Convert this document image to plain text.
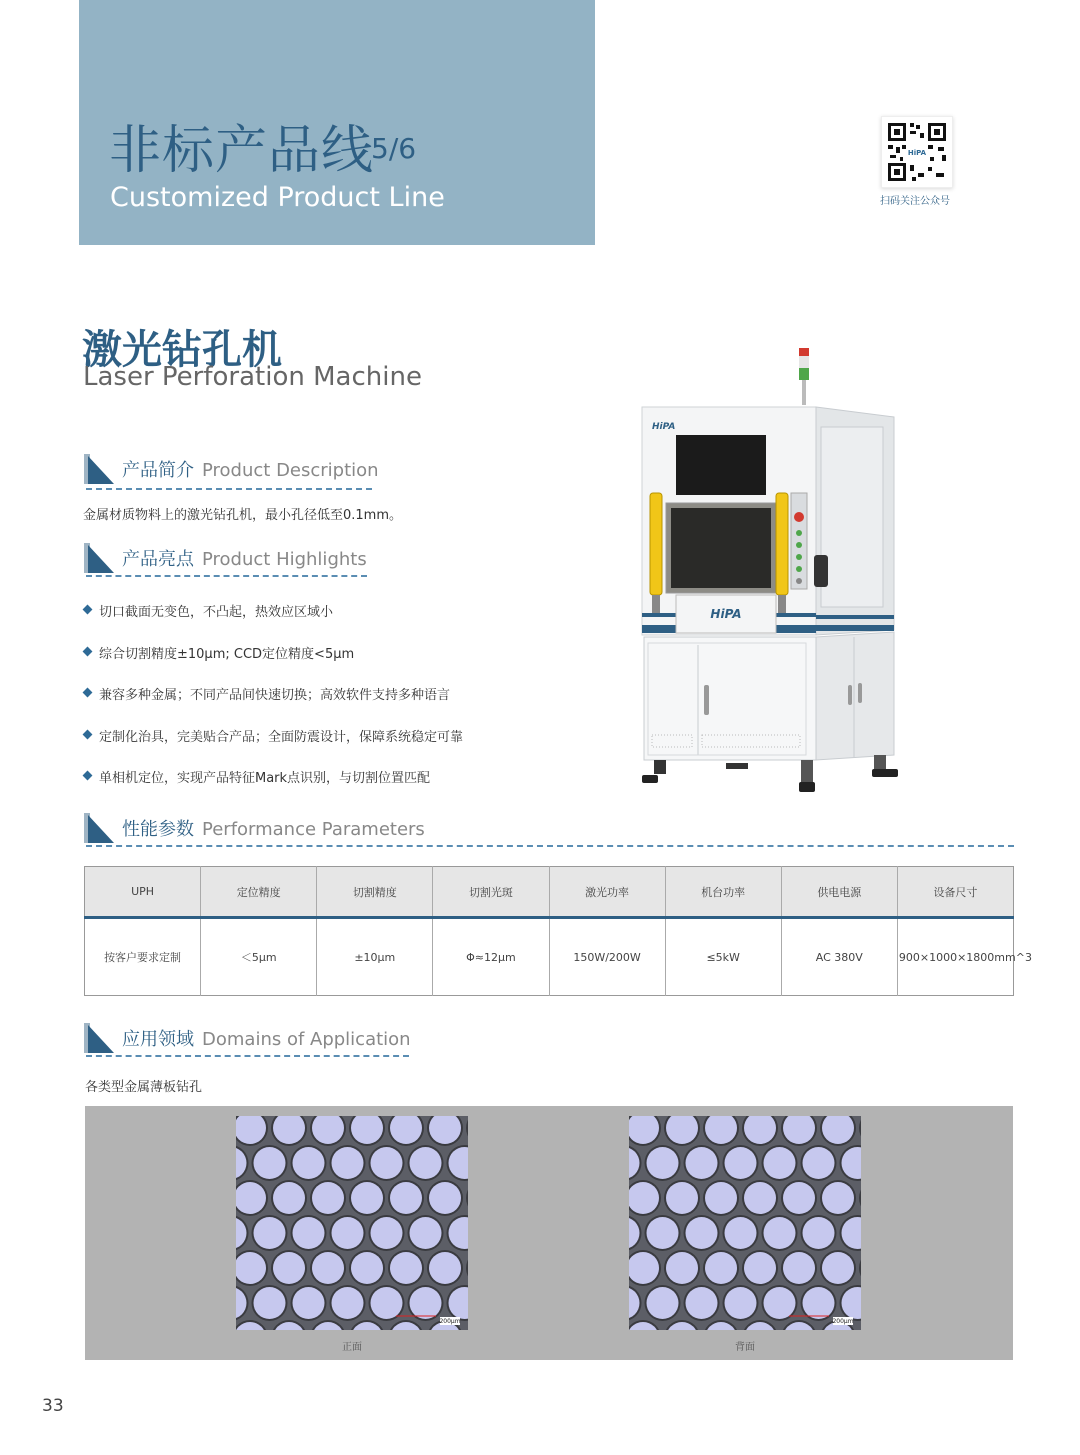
非标产品线
5/6
Customized Product Line
HiPA
扫码关注公众号
激光钻孔机
Laser Perforation Machine
产品简介 Product Description
金属材质物料上的激光钻孔机，最小孔径低至0.1mm。
产品亮点 Product Highlights
切口截面无变色，不凸起，热效应区域小
综合切割精度±10μm; CCD定位精度<5μm
兼容多种金属；不同产品间快速切换；高效软件支持多种语言
定制化治具，完美贴合产品；全面防震设计，保障系统稳定可靠
单相机定位，实现产品特征Mark点识别，与切割位置匹配
HiPA
HiPA
性能参数 Performance Parameters
UPH	定位精度	切割精度	切割光斑	激光功率	机台功率	供电电源	设备尺寸
按客户要求定制	＜5μm	±10μm	Φ≈12μm	150W/200W	≤5kW	AC 380V	900×1000×1800mm^3
应用领域 Domains of Application
各类型金属薄板钻孔
200μm
正面
200μm
背面
33
